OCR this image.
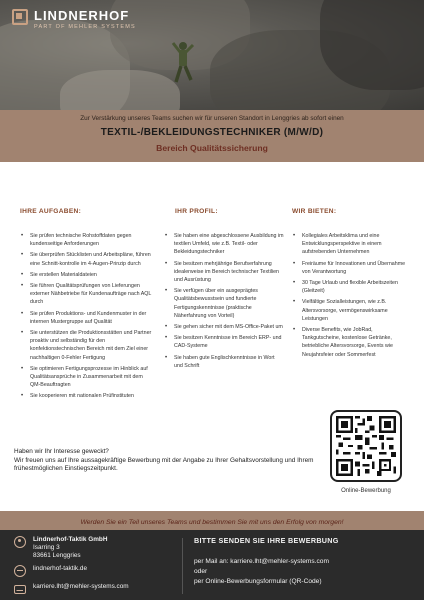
LINDNERHOF
PART OF MEHLER SYSTEMS
Zur Verstärkung unseres Teams suchen wir für unseren Standort in Lenggries ab sofort einen
TEXTIL-/BEKLEIDUNGSTECHNIKER (M/W/D)
Bereich Qualitätssicherung
IHRE AUFGABEN:
• Sie prüfen technische Rohstoffdaten gegen kundenseitige Anforderungen
• Sie überprüfen Stücklisten und Arbeitspläne, führen eine Schnitt-kontrolle im 4-Augen-Prinzip durch
• Sie erstellen Materialdateien
• Sie führen Qualitätsprüfungen von Lieferungen externer Nähbetriebe für Kundenaufträge nach AQL durch
• Sie prüfen Produktions- und Kundenmuster in der internen Mustergruppe auf Qualität
• Sie unterstützen die Produktionsstätten und Partner proaktiv und selbständig für den konfektionstechnischen Bereich mit dem Ziel einer nachhaltigen 0-Fehler Fertigung
• Sie optimieren Fertigungsprozesse im Hinblick auf Qualitätsansprüche in Zusammenarbeit mit dem QM-Beauftragten
• Sie kooperieren mit nationalen Prüfinstituten
IHR PROFIL:
• Sie haben eine abgeschlossene Ausbildung im textilen Umfeld, wie z.B. Textil- oder Bekleidungstechniker
• Sie besitzen mehrjährige Berufserfahrung idealerweise im Bereich technischer Textilien und Ausrüstung
• Sie verfügen über ein ausgeprägtes Qualitätsbewusstsein und fundierte Fertigungskenntnisse (praktische Näherfahrung von Vorteil)
• Sie gehen sicher mit dem MS-Office-Paket um
• Sie besitzen Kenntnisse im Bereich ERP- und CAD-Systeme
• Sie haben gute Englischkenntnisse in Wort und Schrift
WIR BIETEN:
• Kollegiales Arbeitsklima und eine Entwicklungsperspektive in einem aufstrebenden Unternehmen
• Freiräume für Innovationen und Übernahme von Verantwortung
• 30 Tage Urlaub und flexible Arbeitszeiten (Gleitzeit)
• Vielfältige Sozialleistungen, wie z.B. Altersvorsorge, vermögenswirksame Leistungen
• Diverse Benefits, wie JobRad, Tankgutscheine, kostenlose Getränke, betriebliche Altersvorsorge, Events wie Neujahrsfeier oder Sommerfest
Online-Bewerbung
Haben wir Ihr Interesse geweckt?
Wir freuen uns auf Ihre aussagekräftige Bewerbung mit der Angabe zu Ihrer Gehaltsvorstellung und Ihrem frühestmöglichen Einstiegszeitpunkt.
Werden Sie ein Teil unseres Teams und bestimmen Sie mit uns den Erfolg von morgen!
Lindnerhof-Taktik GmbH
Isarring 3
83661 Lenggries
lindnerhof-taktik.de
karriere.lht@mehler-systems.com
BITTE SENDEN SIE IHRE BEWERBUNG
per Mail an: karriere.lht@mehler-systems.com
oder
per Online-Bewerbungsformular (QR-Code)
